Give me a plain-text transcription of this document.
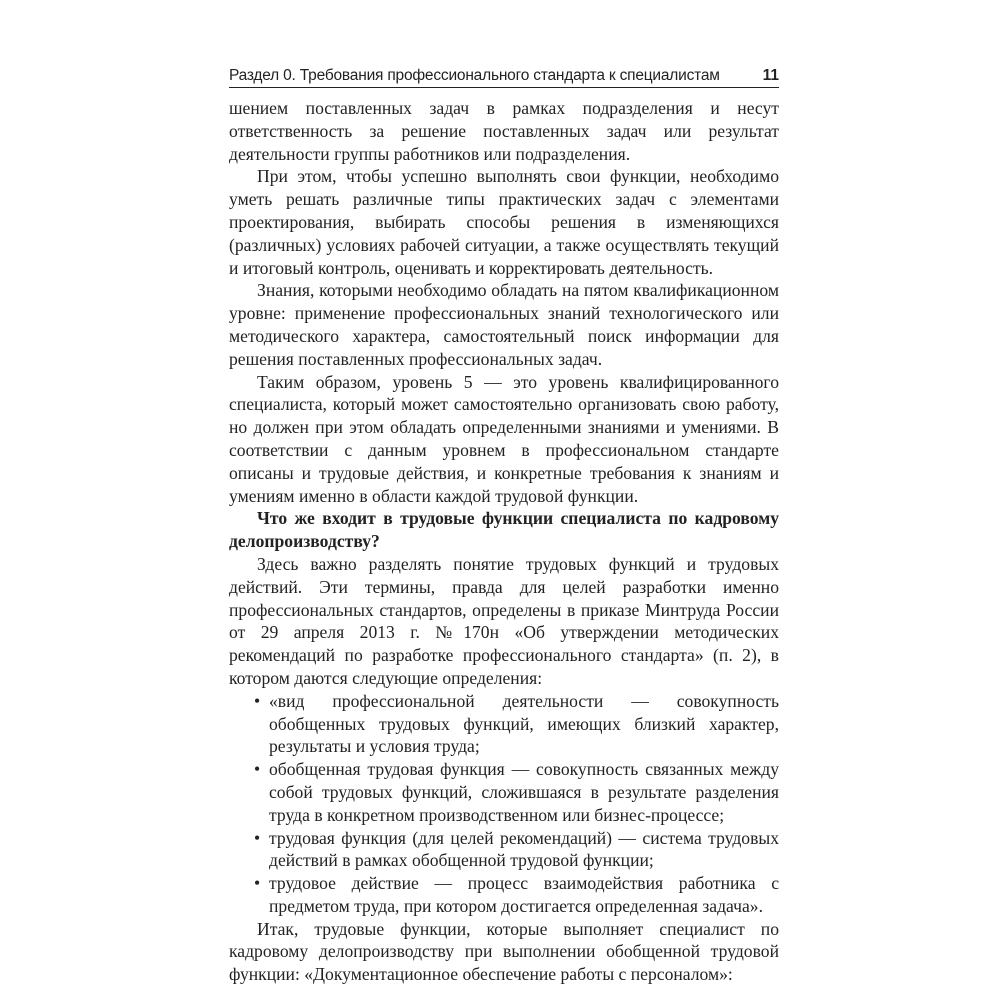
Раздел 0. Требования профессионального стандарта к специалистам	11

шением поставленных задач в рамках подразделения и несут ответственность за решение поставленных задач или результат деятельности группы работников или подразделения.

При этом, чтобы успешно выполнять свои функции, необходимо уметь решать различные типы практических задач с элементами проектирования, выбирать способы решения в изменяющихся (различных) условиях рабочей ситуации, а также осуществлять текущий и итоговый контроль, оценивать и корректировать деятельность.

Знания, которыми необходимо обладать на пятом квалификационном уровне: применение профессиональных знаний технологического или методического характера, самостоятельный поиск информации для решения поставленных профессиональных задач.

Таким образом, уровень 5 — это уровень квалифицированного специалиста, который может самостоятельно организовать свою работу, но должен при этом обладать определенными знаниями и умениями. В соответствии с данным уровнем в профессиональном стандарте описаны и трудовые действия, и конкретные требования к знаниям и умениям именно в области каждой трудовой функции.

Что же входит в трудовые функции специалиста по кадровому делопроизводству?

Здесь важно разделять понятие трудовых функций и трудовых действий. Эти термины, правда для целей разработки именно профессиональных стандартов, определены в приказе Минтруда России от 29 апреля 2013 г. №170н «Об утверждении методических рекомендаций по разработке профессионального стандарта» (п. 2), в котором даются следующие определения:

• «вид профессиональной деятельности — совокупность обобщенных трудовых функций, имеющих близкий характер, результаты и условия труда;
• обобщенная трудовая функция — совокупность связанных между собой трудовых функций, сложившаяся в результате разделения труда в конкретном производственном или бизнес-процессе;
• трудовая функция (для целей рекомендаций) — система трудовых действий в рамках обобщенной трудовой функции;
• трудовое действие — процесс взаимодействия работника с предметом труда, при котором достигается определенная задача».

Итак, трудовые функции, которые выполняет специалист по кадровому делопроизводству при выполнении обобщенной трудовой функции: «Документационное обеспечение работы с персоналом»:
